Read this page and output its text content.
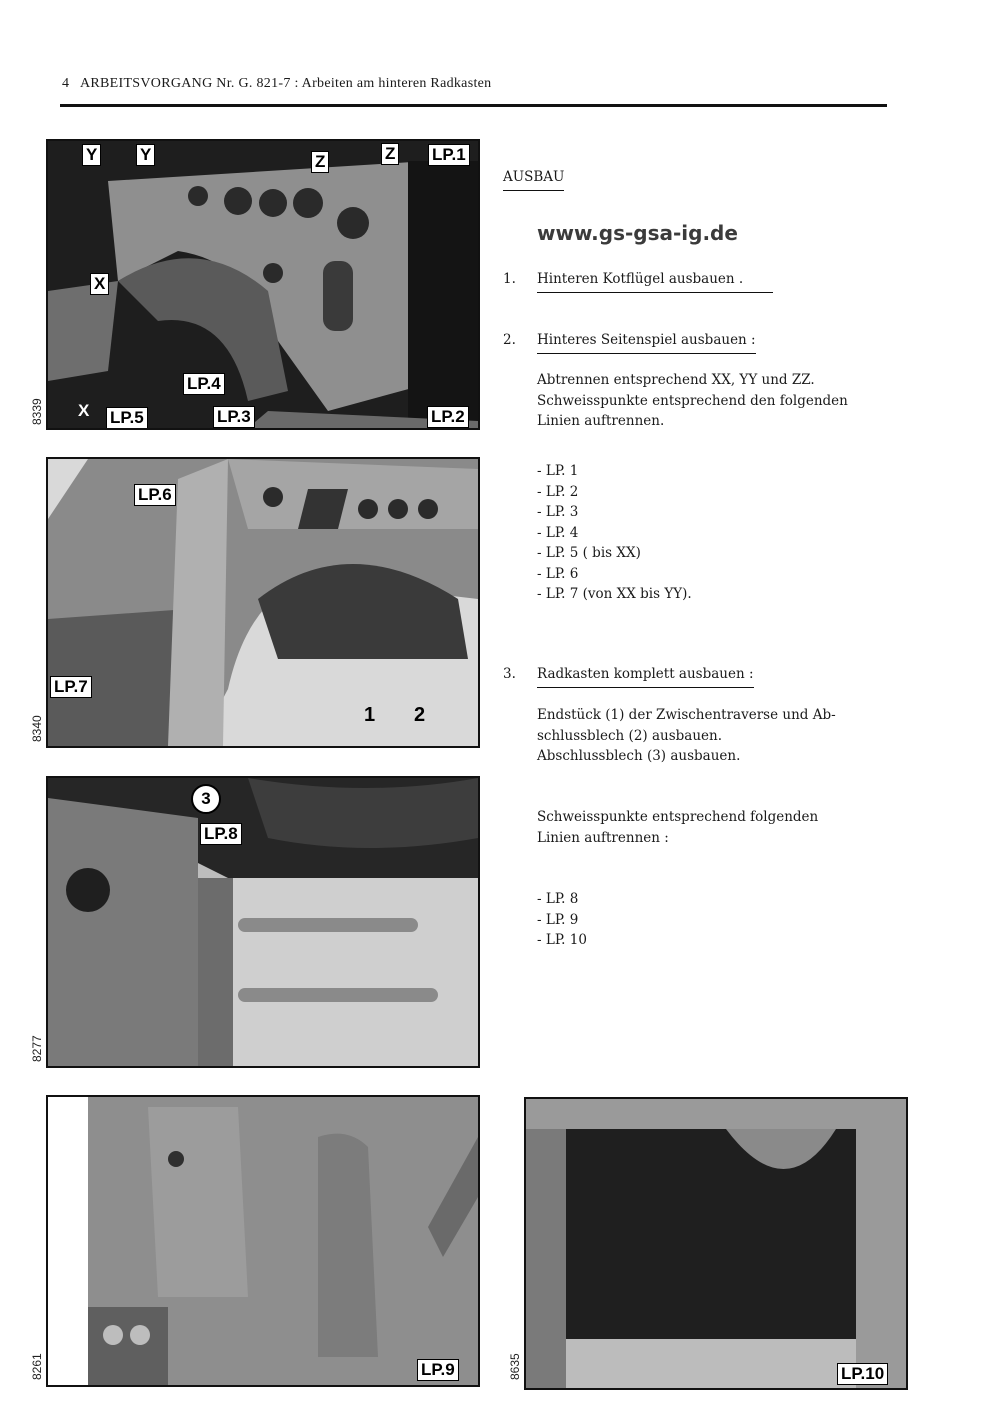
4 ARBEITSVORGANG Nr. G. 821-7 : Arbeiten am hinteren Radkasten
Y	Y	Z	Z LP.1
X
X
LP.4
LP.5	LP.3	LP.2
8339
LP.6
LP.7
1 2
8340
3
LP.8
8277
LP.9
8261	LP.10
8635
AUSBAU
www.gs-gsa-ig.de
1. Hinteren Kotflügel ausbauen .
2. Hinteres Seitenspiel ausbauen :
Abtrennen entsprechend XX, YY und ZZ.
Schweisspunkte entsprechend den folgenden
Linien auftrennen.
- LP. 1
- LP. 2
- LP. 3
- LP. 4
- LP. 5 ( bis XX)
- LP. 6
- LP. 7 (von XX bis YY).
3. Radkasten komplett ausbauen :
Endstück (1) der Zwischentraverse und Ab-
schlussblech (2) ausbauen.
Abschlussblech (3) ausbauen.
Schweisspunkte entsprechend folgenden
Linien auftrennen :
- LP. 8
- LP. 9
- LP. 10
